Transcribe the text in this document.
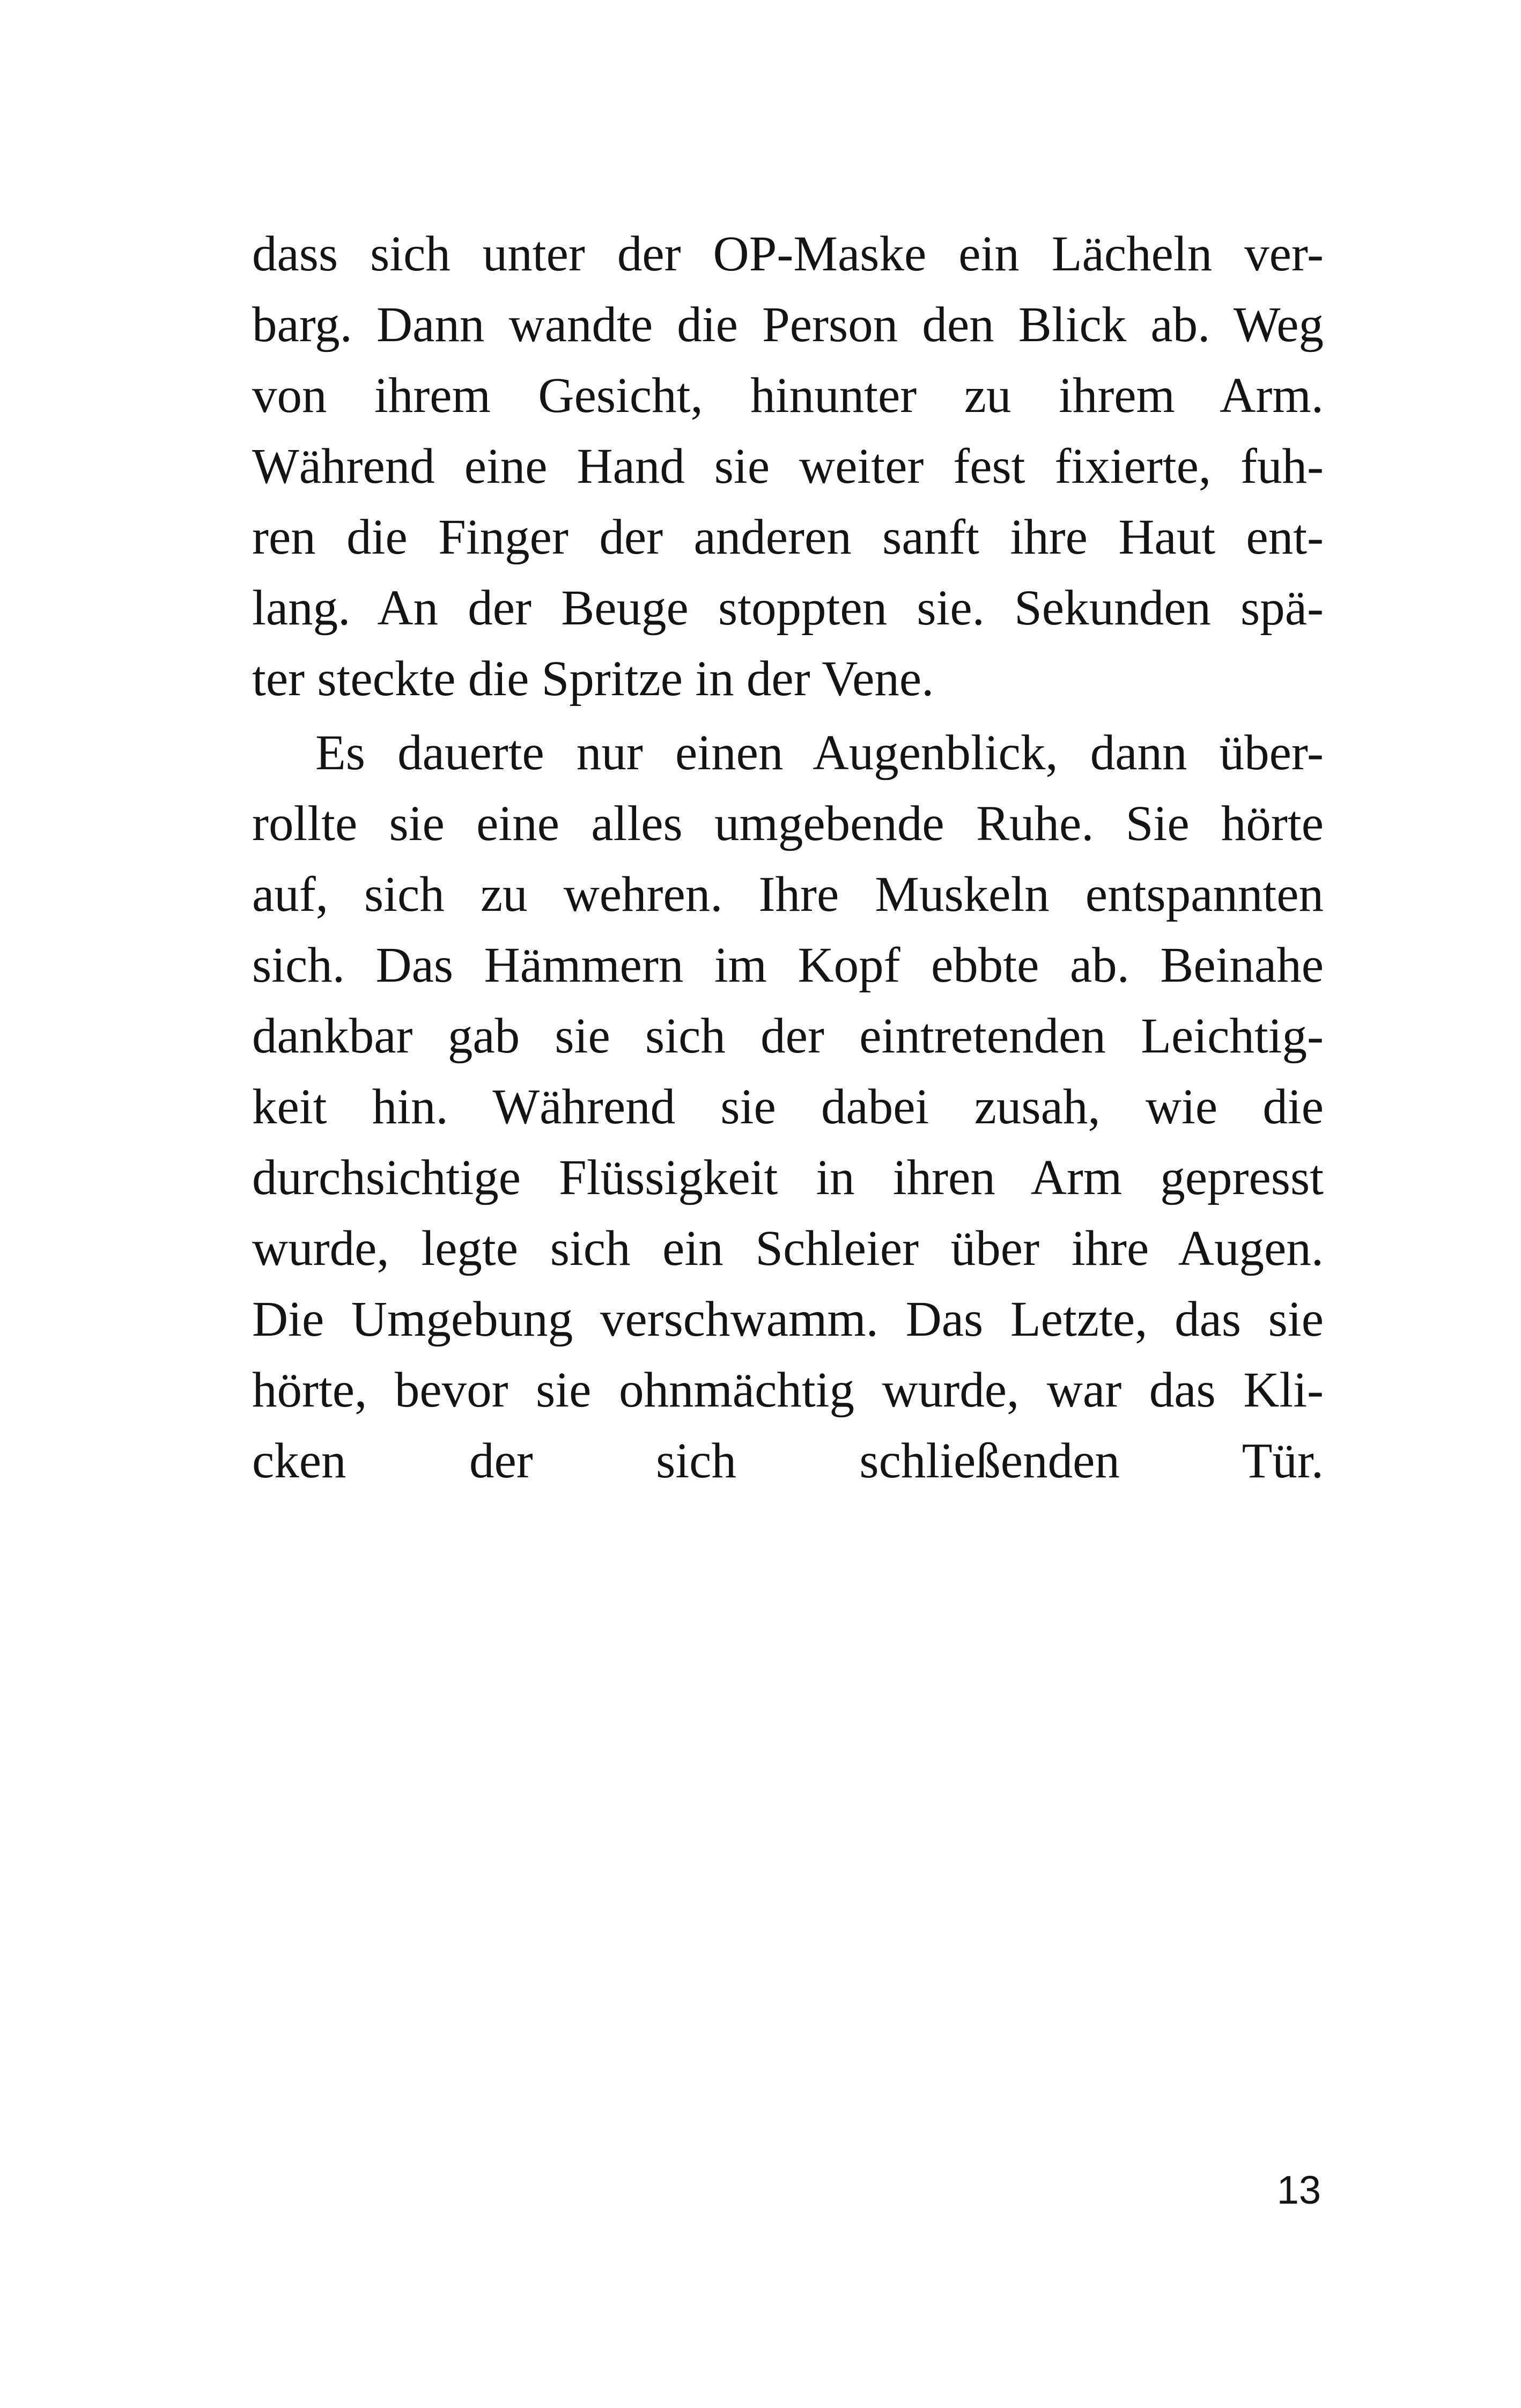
dass sich unter der OP-Maske ein Lächeln ver-
barg. Dann wandte die Person den Blick ab. Weg
von ihrem Gesicht, hinunter zu ihrem Arm.
Während eine Hand sie weiter fest fixierte, fuh-
ren die Finger der anderen sanft ihre Haut ent-
lang. An der Beuge stoppten sie. Sekunden spä-
ter steckte die Spritze in der Vene.
Es dauerte nur einen Augenblick, dann über-
rollte sie eine alles umgebende Ruhe. Sie hörte
auf, sich zu wehren. Ihre Muskeln entspannten
sich. Das Hämmern im Kopf ebbte ab. Beinahe
dankbar gab sie sich der eintretenden Leichtig-
keit hin. Während sie dabei zusah, wie die
durchsichtige Flüssigkeit in ihren Arm gepresst
wurde, legte sich ein Schleier über ihre Augen.
Die Umgebung verschwamm. Das Letzte, das sie
hörte, bevor sie ohnmächtig wurde, war das Kli-
cken der sich schließenden Tür.
13
